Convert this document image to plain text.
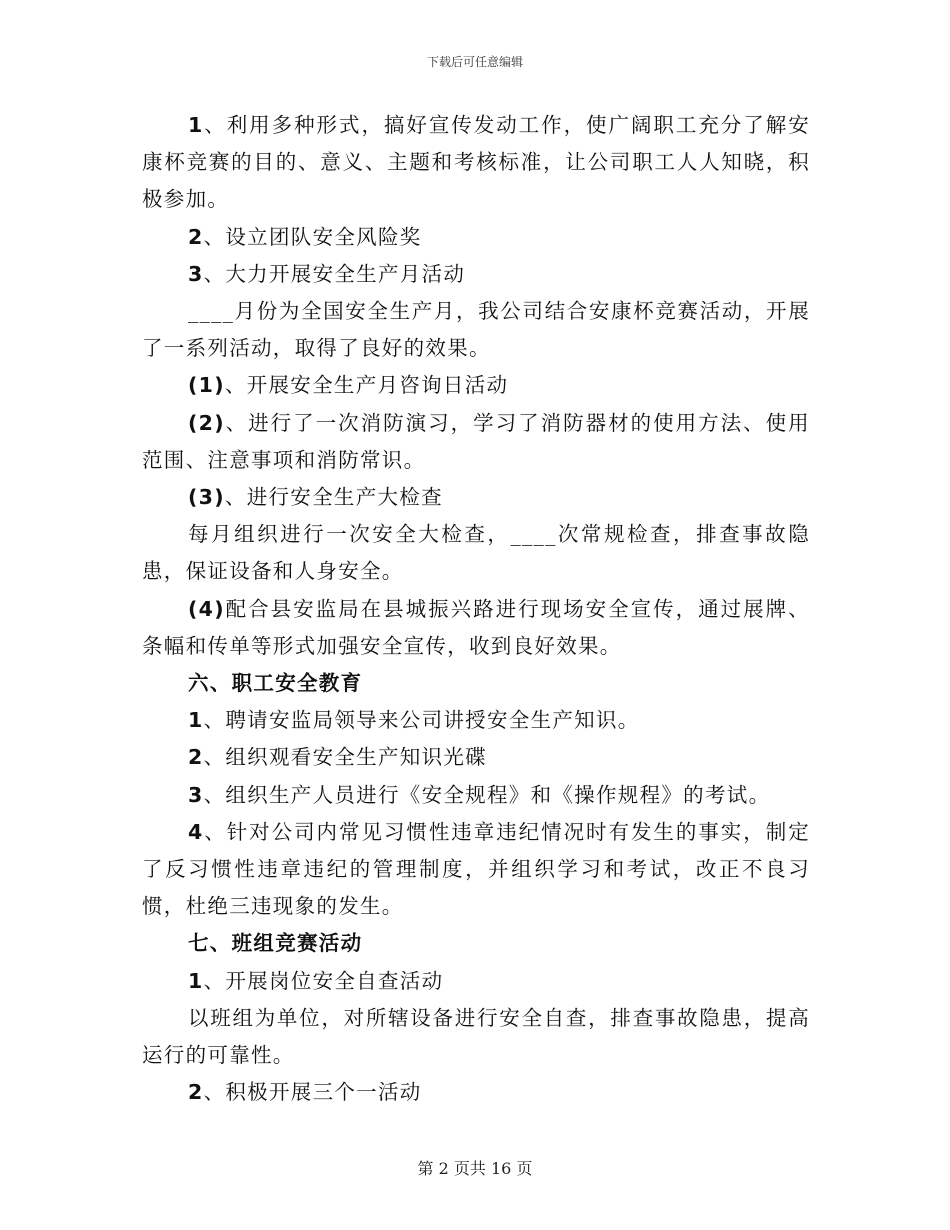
下载后可任意编辑

1、利用多种形式，搞好宣传发动工作，使广阔职工充分了解安康杯竞赛的目的、意义、主题和考核标准，让公司职工人人知晓，积极参加。

2、设立团队安全风险奖

3、大力开展安全生产月活动

____月份为全国安全生产月，我公司结合安康杯竞赛活动，开展了一系列活动，取得了良好的效果。

(1)、开展安全生产月咨询日活动

(2)、进行了一次消防演习，学习了消防器材的使用方法、使用范围、注意事项和消防常识。

(3)、进行安全生产大检查

每月组织进行一次安全大检查，____次常规检查，排查事故隐患，保证设备和人身安全。

(4)配合县安监局在县城振兴路进行现场安全宣传，通过展牌、条幅和传单等形式加强安全宣传，收到良好效果。

六、职工安全教育

1、聘请安监局领导来公司讲授安全生产知识。

2、组织观看安全生产知识光碟

3、组织生产人员进行《安全规程》和《操作规程》的考试。

4、针对公司内常见习惯性违章违纪情况时有发生的事实，制定了反习惯性违章违纪的管理制度，并组织学习和考试，改正不良习惯，杜绝三违现象的发生。

七、班组竞赛活动

1、开展岗位安全自查活动

以班组为单位，对所辖设备进行安全自查，排查事故隐患，提高运行的可靠性。

2、积极开展三个一活动

第 2 页共 16 页
